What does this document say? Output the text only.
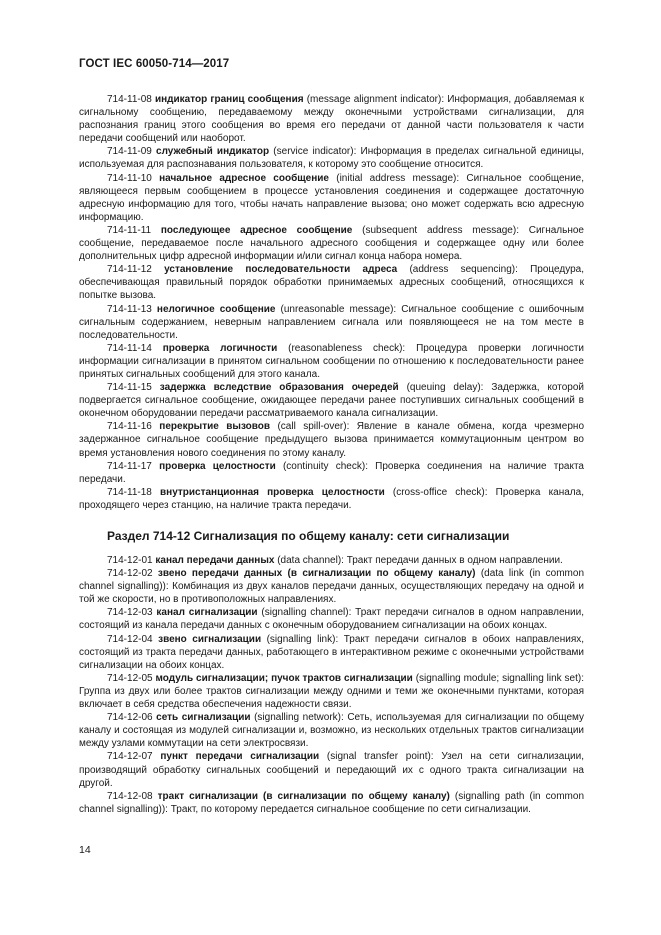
ГОСТ IEC 60050-714—2017

714-11-08 индикатор границ сообщения (message alignment indicator): Информация, добавляемая к сигнальному сообщению, передаваемому между оконечными устройствами сигнализации, для распознания границ этого сообщения во время его передачи от данной части пользователя к части передачи сообщений или наоборот.

714-11-09 служебный индикатор (service indicator): Информация в пределах сигнальной единицы, используемая для распознавания пользователя, к которому это сообщение относится.

714-11-10 начальное адресное сообщение (initial address message): Сигнальное сообщение, являющееся первым сообщением в процессе установления соединения и содержащее достаточную адресную информацию для того, чтобы начать направление вызова; оно может содержать всю адресную информацию.

714-11-11 последующее адресное сообщение (subsequent address message): Сигнальное сообщение, передаваемое после начального адресного сообщения и содержащее одну или более дополнительных цифр адресной информации и/или сигнал конца набора номера.

714-11-12 установление последовательности адреса (address sequencing): Процедура, обеспечивающая правильный порядок обработки принимаемых адресных сообщений, относящихся к попытке вызова.

714-11-13 нелогичное сообщение (unreasonable message): Сигнальное сообщение с ошибочным сигнальным содержанием, неверным направлением сигнала или появляющееся не на том месте в последовательности.

714-11-14 проверка логичности (reasonableness check): Процедура проверки логичности информации сигнализации в принятом сигнальном сообщении по отношению к последовательности ранее принятых сигнальных сообщений для этого канала.

714-11-15 задержка вследствие образования очередей (queuing delay): Задержка, которой подвергается сигнальное сообщение, ожидающее передачи ранее поступивших сигнальных сообщений в оконечном оборудовании передачи рассматриваемого канала сигнализации.

714-11-16 перекрытие вызовов (call spill-over): Явление в канале обмена, когда чрезмерно задержанное сигнальное сообщение предыдущего вызова принимается коммутационным центром во время установления нового соединения по этому каналу.

714-11-17 проверка целостности (continuity check): Проверка соединения на наличие тракта передачи.

714-11-18 внутристанционная проверка целостности (cross-office check): Проверка канала, проходящего через станцию, на наличие тракта передачи.

Раздел 714-12 Сигнализация по общему каналу: сети сигнализации

714-12-01 канал передачи данных (data channel): Тракт передачи данных в одном направлении.

714-12-02 звено передачи данных (в сигнализации по общему каналу) (data link (in common channel signalling)): Комбинация из двух каналов передачи данных, осуществляющих передачу на одной и той же скорости, но в противоположных направлениях.

714-12-03 канал сигнализации (signalling channel): Тракт передачи сигналов в одном направлении, состоящий из канала передачи данных с оконечным оборудованием сигнализации на обоих концах.

714-12-04 звено сигнализации (signalling link): Тракт передачи сигналов в обоих направлениях, состоящий из тракта передачи данных, работающего в интерактивном режиме с оконечными устройствами сигнализации на обоих концах.

714-12-05 модуль сигнализации; пучок трактов сигнализации (signalling module; signalling link set): Группа из двух или более трактов сигнализации между одними и теми же оконечными пунктами, которая включает в себя средства обеспечения надежности связи.

714-12-06 сеть сигнализации (signalling network): Сеть, используемая для сигнализации по общему каналу и состоящая из модулей сигнализации и, возможно, из нескольких отдельных трактов сигнализации между узлами коммутации на сети электросвязи.

714-12-07 пункт передачи сигнализации (signal transfer point): Узел на сети сигнализации, производящий обработку сигнальных сообщений и передающий их с одного тракта сигнализации на другой.

714-12-08 тракт сигнализации (в сигнализации по общему каналу) (signalling path (in common channel signalling)): Тракт, по которому передается сигнальное сообщение по сети сигнализации.

14
